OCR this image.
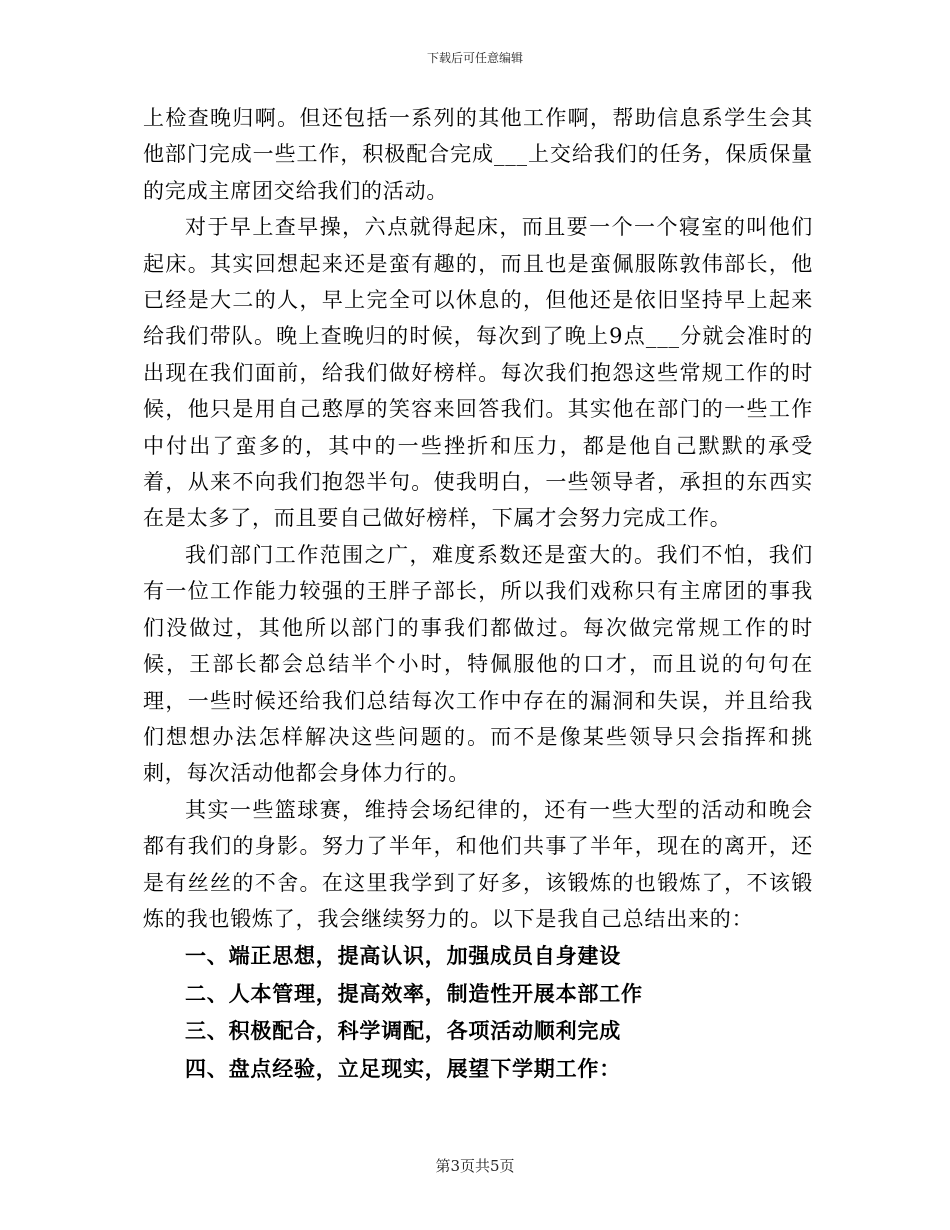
下载后可任意编辑

上检查晚归啊。但还包括一系列的其他工作啊，帮助信息系学生会其他部门完成一些工作，积极配合完成___上交给我们的任务，保质保量的完成主席团交给我们的活动。

对于早上查早操，六点就得起床，而且要一个一个寝室的叫他们起床。其实回想起来还是蛮有趣的，而且也是蛮佩服陈敦伟部长，他已经是大二的人，早上完全可以休息的，但他还是依旧坚持早上起来给我们带队。晚上查晚归的时候，每次到了晚上9点___分就会准时的出现在我们面前，给我们做好榜样。每次我们抱怨这些常规工作的时候，他只是用自己憨厚的笑容来回答我们。其实他在部门的一些工作中付出了蛮多的，其中的一些挫折和压力，都是他自己默默的承受着，从来不向我们抱怨半句。使我明白，一些领导者，承担的东西实在是太多了，而且要自己做好榜样，下属才会努力完成工作。

我们部门工作范围之广，难度系数还是蛮大的。我们不怕，我们有一位工作能力较强的王胖子部长，所以我们戏称只有主席团的事我们没做过，其他所以部门的事我们都做过。每次做完常规工作的时候，王部长都会总结半个小时，特佩服他的口才，而且说的句句在理，一些时候还给我们总结每次工作中存在的漏洞和失误，并且给我们想想办法怎样解决这些问题的。而不是像某些领导只会指挥和挑刺，每次活动他都会身体力行的。

其实一些篮球赛，维持会场纪律的，还有一些大型的活动和晚会都有我们的身影。努力了半年，和他们共事了半年，现在的离开，还是有丝丝的不舍。在这里我学到了好多，该锻炼的也锻炼了，不该锻炼的我也锻炼了，我会继续努力的。以下是我自己总结出来的：

一、端正思想，提高认识，加强成员自身建设
二、人本管理，提高效率，制造性开展本部工作
三、积极配合，科学调配，各项活动顺利完成
四、盘点经验，立足现实，展望下学期工作：
第3页共5页
